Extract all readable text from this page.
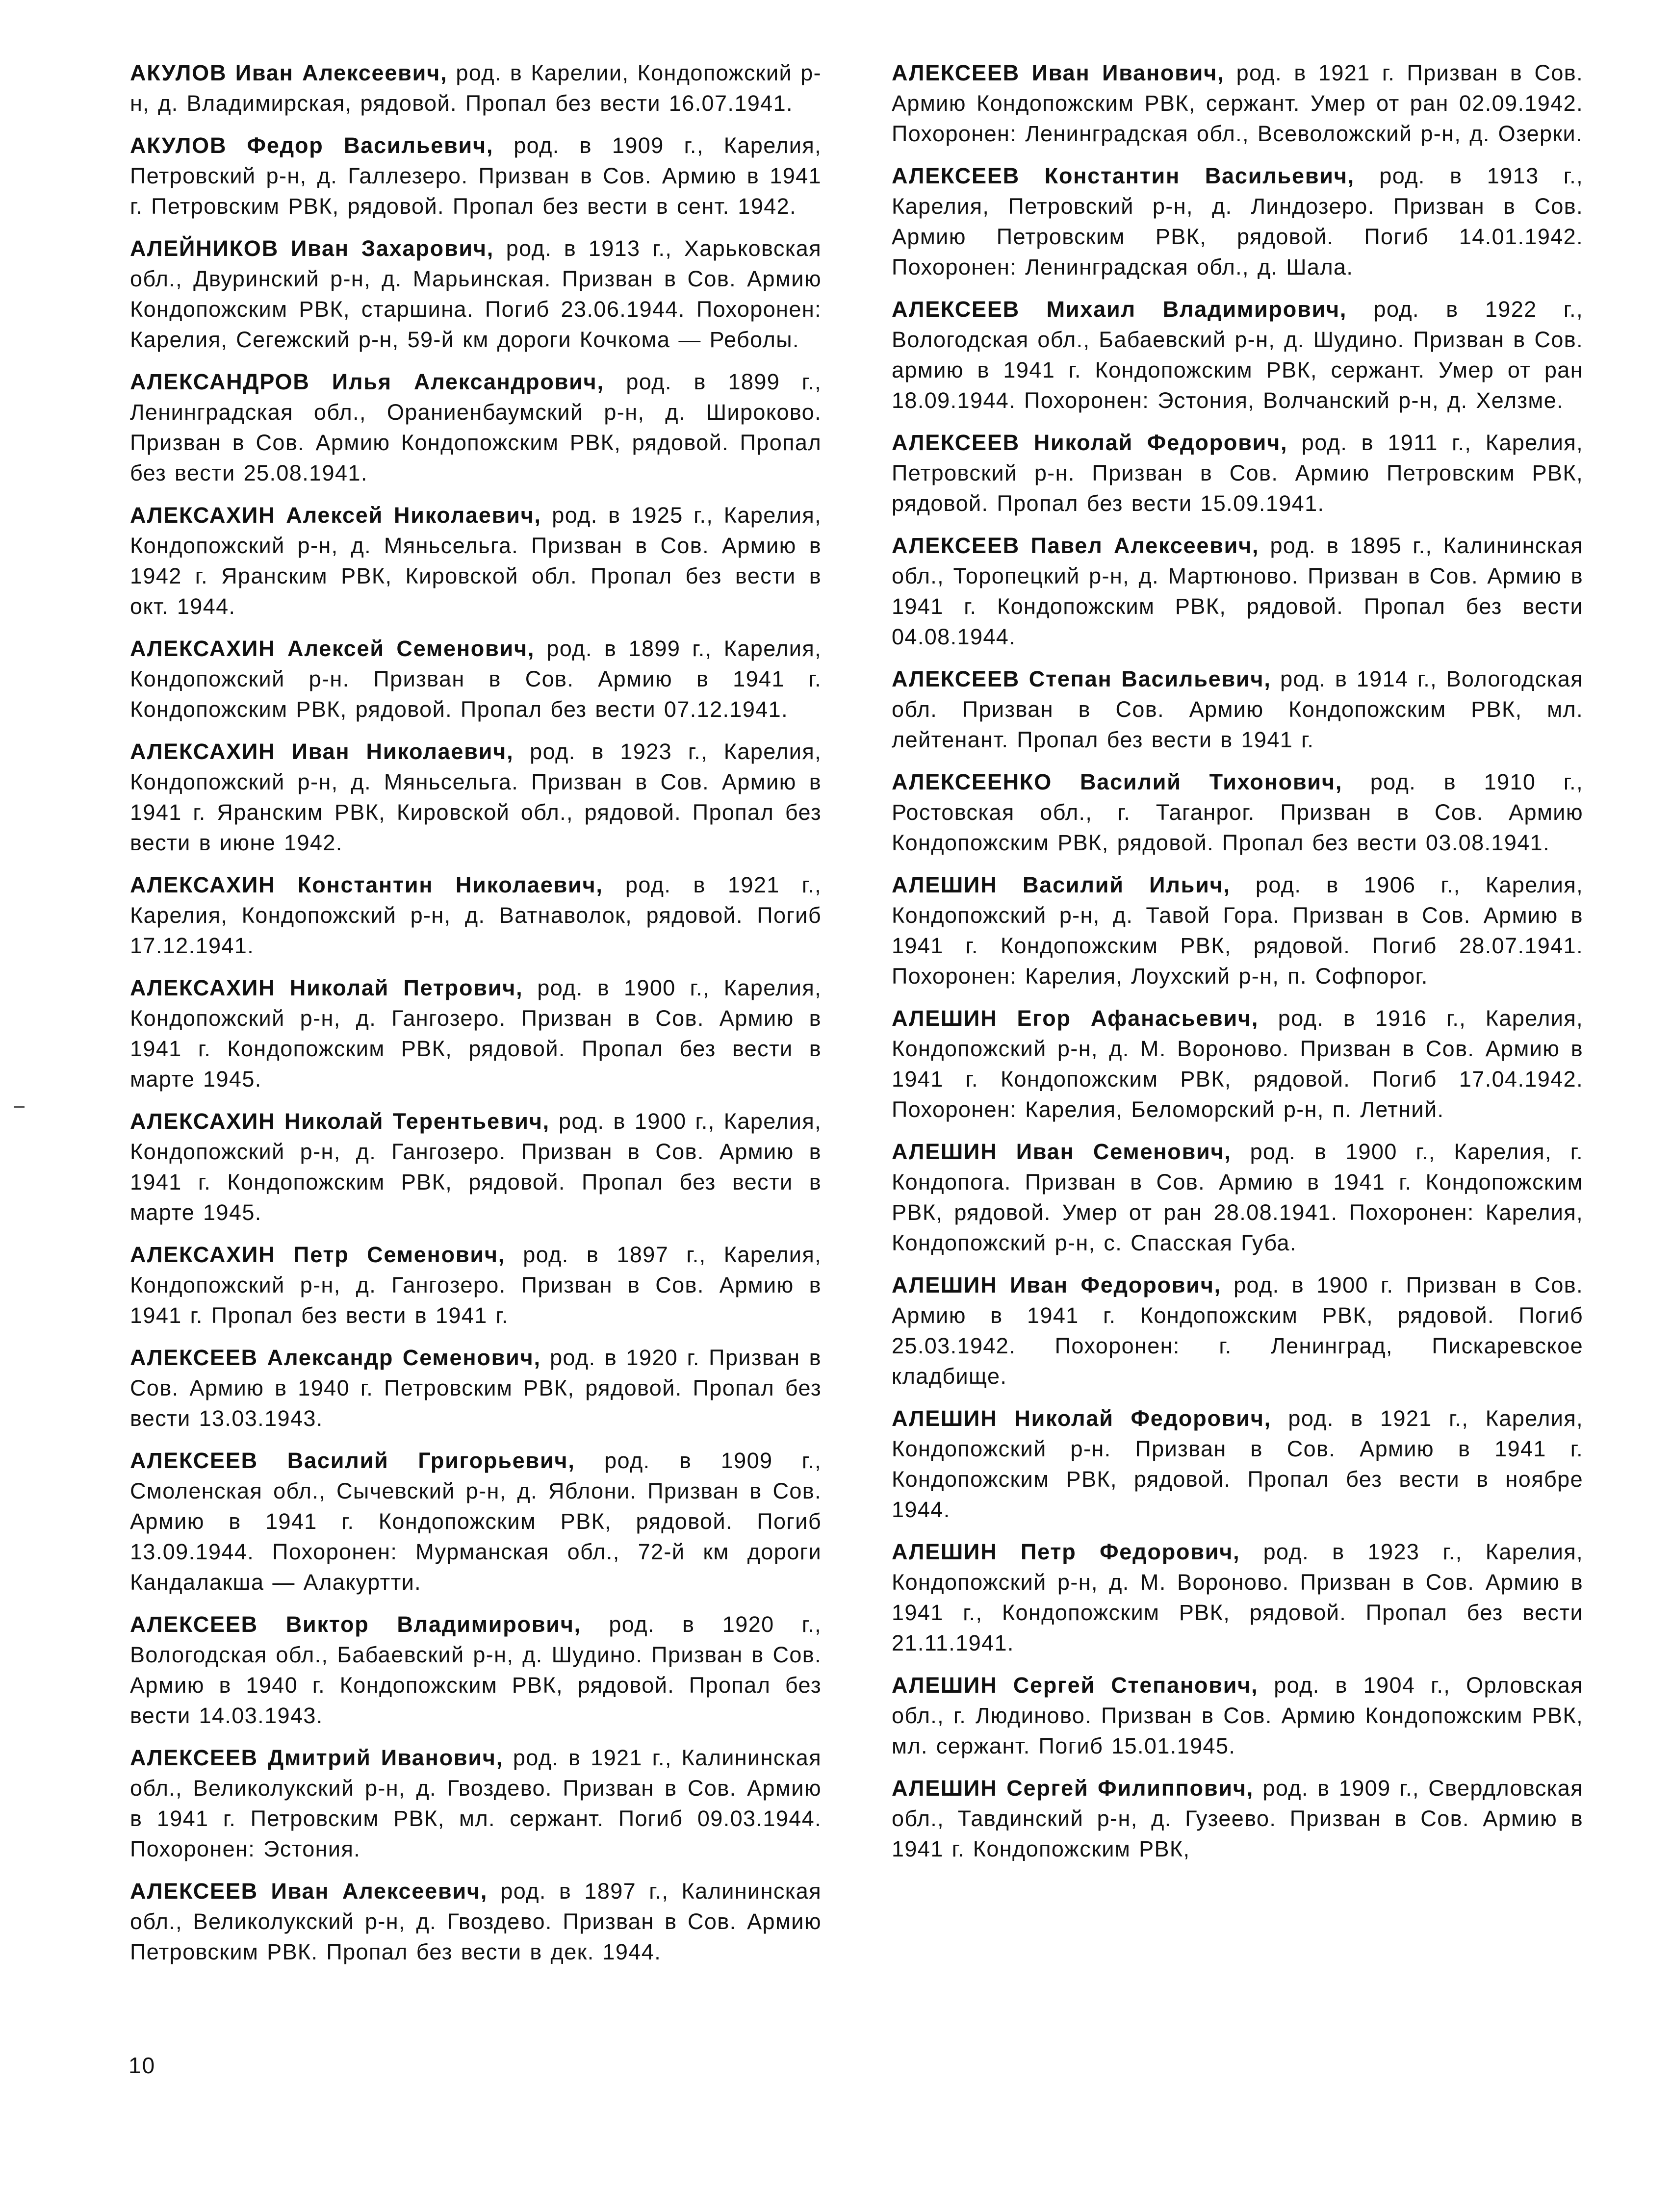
АКУЛОВ Иван Алексеевич, род. в Карелии, Кондопожский р-н, д. Владимирская, рядовой. Пропал без вести 16.07.1941.

АКУЛОВ Федор Васильевич, род. в 1909 г., Карелия, Петровский р-н, д. Галлезеро. Призван в Сов. Армию в 1941 г. Петровским РВК, рядовой. Пропал без вести в сент. 1942.

АЛЕЙНИКОВ Иван Захарович, род. в 1913 г., Харьковская обл., Двуринский р-н, д. Марьинская. Призван в Сов. Армию Кондопожским РВК, старшина. Погиб 23.06.1944. Похоронен: Карелия, Сегежский р-н, 59-й км дороги Кочкома — Реболы.

АЛЕКСАНДРОВ Илья Александрович, род. в 1899 г., Ленинградская обл., Ораниенбаумский р-н, д. Широково. Призван в Сов. Армию Кондопожским РВК, рядовой. Пропал без вести 25.08.1941.

АЛЕКСАХИН Алексей Николаевич, род. в 1925 г., Карелия, Кондопожский р-н, д. Мяньсельга. Призван в Сов. Армию в 1942 г. Яранским РВК, Кировской обл. Пропал без вести в окт. 1944.

АЛЕКСАХИН Алексей Семенович, род. в 1899 г., Карелия, Кондопожский р-н. Призван в Сов. Армию в 1941 г. Кондопожским РВК, рядовой. Пропал без вести 07.12.1941.

АЛЕКСАХИН Иван Николаевич, род. в 1923 г., Карелия, Кондопожский р-н, д. Мяньсельга. Призван в Сов. Армию в 1941 г. Яранским РВК, Кировской обл., рядовой. Пропал без вести в июне 1942.

АЛЕКСАХИН Константин Николаевич, род. в 1921 г., Карелия, Кондопожский р-н, д. Ватнаволок, рядовой. Погиб 17.12.1941.

АЛЕКСАХИН Николай Петрович, род. в 1900 г., Карелия, Кондопожский р-н, д. Гангозеро. Призван в Сов. Армию в 1941 г. Кондопожским РВК, рядовой. Пропал без вести в марте 1945.

АЛЕКСАХИН Николай Терентьевич, род. в 1900 г., Карелия, Кондопожский р-н, д. Гангозеро. Призван в Сов. Армию в 1941 г. Кондопожским РВК, рядовой. Пропал без вести в марте 1945.

АЛЕКСАХИН Петр Семенович, род. в 1897 г., Карелия, Кондопожский р-н, д. Гангозеро. Призван в Сов. Армию в 1941 г. Пропал без вести в 1941 г.

АЛЕКСЕЕВ Александр Семенович, род. в 1920 г. Призван в Сов. Армию в 1940 г. Петровским РВК, рядовой. Пропал без вести 13.03.1943.

АЛЕКСЕЕВ Василий Григорьевич, род. в 1909 г., Смоленская обл., Сычевский р-н, д. Яблони. Призван в Сов. Армию в 1941 г. Кондопожским РВК, рядовой. Погиб 13.09.1944. Похоронен: Мурманская обл., 72-й км дороги Кандалакша — Алакуртти.

АЛЕКСЕЕВ Виктор Владимирович, род. в 1920 г., Вологодская обл., Бабаевский р-н, д. Шудино. Призван в Сов. Армию в 1940 г. Кондопожским РВК, рядовой. Пропал без вести 14.03.1943.

АЛЕКСЕЕВ Дмитрий Иванович, род. в 1921 г., Калининская обл., Великолукский р-н, д. Гвоздево. Призван в Сов. Армию в 1941 г. Петровским РВК, мл. сержант. Погиб 09.03.1944. Похоронен: Эстония.

АЛЕКСЕЕВ Иван Алексеевич, род. в 1897 г., Калининская обл., Великолукский р-н, д. Гвоздево. Призван в Сов. Армию Петровским РВК. Пропал без вести в дек. 1944.

АЛЕКСЕЕВ Иван Иванович, род. в 1921 г. Призван в Сов. Армию Кондопожским РВК, сержант. Умер от ран 02.09.1942. Похоронен: Ленинградская обл., Всеволожский р-н, д. Озерки.

АЛЕКСЕЕВ Константин Васильевич, род. в 1913 г., Карелия, Петровский р-н, д. Линдозеро. Призван в Сов. Армию Петровским РВК, рядовой. Погиб 14.01.1942. Похоронен: Ленинградская обл., д. Шала.

АЛЕКСЕЕВ Михаил Владимирович, род. в 1922 г., Вологодская обл., Бабаевский р-н, д. Шудино. Призван в Сов. армию в 1941 г. Кондопожским РВК, сержант. Умер от ран 18.09.1944. Похоронен: Эстония, Волчанский р-н, д. Хелзме.

АЛЕКСЕЕВ Николай Федорович, род. в 1911 г., Карелия, Петровский р-н. Призван в Сов. Армию Петровским РВК, рядовой. Пропал без вести 15.09.1941.

АЛЕКСЕЕВ Павел Алексеевич, род. в 1895 г., Калининская обл., Торопецкий р-н, д. Мартюново. Призван в Сов. Армию в 1941 г. Кондопожским РВК, рядовой. Пропал без вести 04.08.1944.

АЛЕКСЕЕВ Степан Васильевич, род. в 1914 г., Вологодская обл. Призван в Сов. Армию Кондопожским РВК, мл. лейтенант. Пропал без вести в 1941 г.

АЛЕКСЕЕНКО Василий Тихонович, род. в 1910 г., Ростовская обл., г. Таганрог. Призван в Сов. Армию Кондопожским РВК, рядовой. Пропал без вести 03.08.1941.

АЛЕШИН Василий Ильич, род. в 1906 г., Карелия, Кондопожский р-н, д. Тавой Гора. Призван в Сов. Армию в 1941 г. Кондопожским РВК, рядовой. Погиб 28.07.1941. Похоронен: Карелия, Лоухский р-н, п. Софпорог.

АЛЕШИН Егор Афанасьевич, род. в 1916 г., Карелия, Кондопожский р-н, д. М. Вороново. Призван в Сов. Армию в 1941 г. Кондопожским РВК, рядовой. Погиб 17.04.1942. Похоронен: Карелия, Беломорский р-н, п. Летний.

АЛЕШИН Иван Семенович, род. в 1900 г., Карелия, г. Кондопога. Призван в Сов. Армию в 1941 г. Кондопожским РВК, рядовой. Умер от ран 28.08.1941. Похоронен: Карелия, Кондопожский р-н, с. Спасская Губа.

АЛЕШИН Иван Федорович, род. в 1900 г. Призван в Сов. Армию в 1941 г. Кондопожским РВК, рядовой. Погиб 25.03.1942. Похоронен: г. Ленинград, Пискаревское кладбище.

АЛЕШИН Николай Федорович, род. в 1921 г., Карелия, Кондопожский р-н. Призван в Сов. Армию в 1941 г. Кондопожским РВК, рядовой. Пропал без вести в ноябре 1944.

АЛЕШИН Петр Федорович, род. в 1923 г., Карелия, Кондопожский р-н, д. М. Вороново. Призван в Сов. Армию в 1941 г., Кондопожским РВК, рядовой. Пропал без вести 21.11.1941.

АЛЕШИН Сергей Степанович, род. в 1904 г., Орловская обл., г. Людиново. Призван в Сов. Армию Кондопожским РВК, мл. сержант. Погиб 15.01.1945.

АЛЕШИН Сергей Филиппович, род. в 1909 г., Свердловская обл., Тавдинский р-н, д. Гузеево. Призван в Сов. Армию в 1941 г. Кондопожским РВК,

10
